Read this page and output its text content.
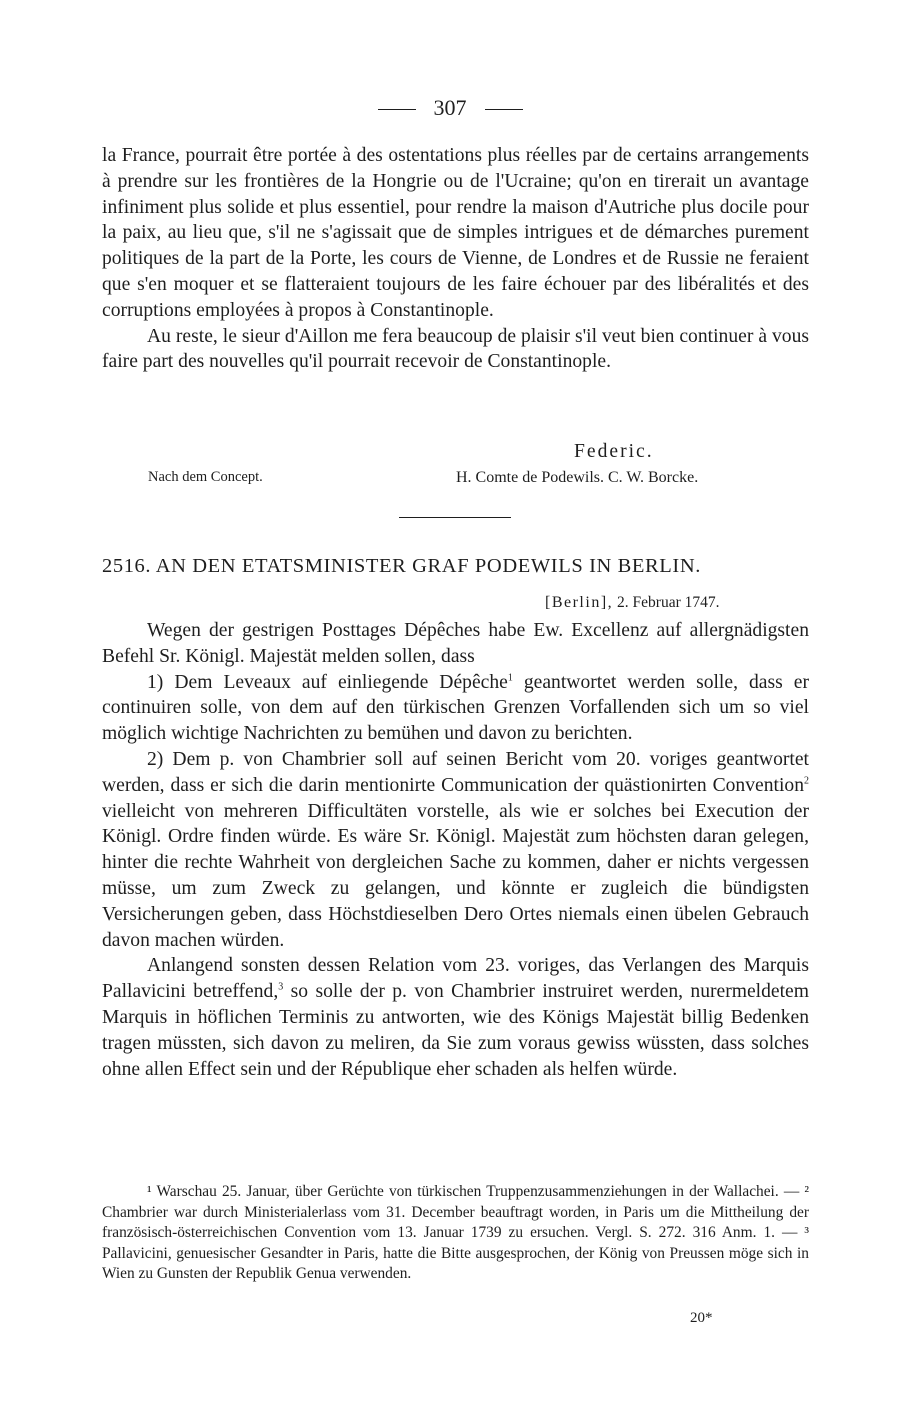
307

la France, pourrait être portée à des ostentations plus réelles par de certains arrangements à prendre sur les frontières de la Hongrie ou de l'Ucraine; qu'on en tirerait un avantage infiniment plus solide et plus essentiel, pour rendre la maison d'Autriche plus docile pour la paix, au lieu que, s'il ne s'agissait que de simples intrigues et de démarches purement politiques de la part de la Porte, les cours de Vienne, de Londres et de Russie ne feraient que s'en moquer et se flatteraient toujours de les faire échouer par des libéralités et des corruptions employées à propos à Constantinople.

Au reste, le sieur d'Aillon me fera beaucoup de plaisir s'il veut bien continuer à vous faire part des nouvelles qu'il pourrait recevoir de Constantinople.

Federic.
Nach dem Concept.	H. Comte de Podewils. C. W. Borcke.
2516. AN DEN ETATSMINISTER GRAF PODEWILS IN BERLIN.
[Berlin], 2. Februar 1747.

Wegen der gestrigen Posttages Dépêches habe Ew. Excellenz auf allergnädigsten Befehl Sr. Königl. Majestät melden sollen, dass

1) Dem Leveaux auf einliegende Dépêche$^1$ geantwortet werden solle, dass er continuiren solle, von dem auf den türkischen Grenzen Vorfallenden sich um so viel möglich wichtige Nachrichten zu bemühen und davon zu berichten.

2) Dem p. von Chambrier soll auf seinen Bericht vom 20. voriges geantwortet werden, dass er sich die darin mentionirte Communication der quästionirten Convention$^2$ vielleicht von mehreren Difficultäten vorstelle, als wie er solches bei Execution der Königl. Ordre finden würde. Es wäre Sr. Königl. Majestät zum höchsten daran gelegen, hinter die rechte Wahrheit von dergleichen Sache zu kommen, daher er nichts vergessen müsse, um zum Zweck zu gelangen, und könnte er zugleich die bündigsten Versicherungen geben, dass Höchstdieselben Dero Ortes niemals einen übelen Gebrauch davon machen würden.

Anlangend sonsten dessen Relation vom 23. voriges, das Verlangen des Marquis Pallavicini betreffend,$^3$ so solle der p. von Chambrier instruiret werden, nurermeldetem Marquis in höflichen Terminis zu antworten, wie des Königs Majestät billig Bedenken tragen müssten, sich davon zu meliren, da Sie zum voraus gewiss wüssten, dass solches ohne allen Effect sein und der République eher schaden als helfen würde.

¹ Warschau 25. Januar, über Gerüchte von türkischen Truppenzusammenziehungen in der Wallachei. — ² Chambrier war durch Ministerialerlass vom 31. December beauftragt worden, in Paris um die Mittheilung der französisch-österreichischen Convention vom 13. Januar 1739 zu ersuchen. Vergl. S. 272. 316 Anm. 1. — ³ Pallavicini, genuesischer Gesandter in Paris, hatte die Bitte ausgesprochen, der König von Preussen möge sich in Wien zu Gunsten der Republik Genua verwenden.

20*
